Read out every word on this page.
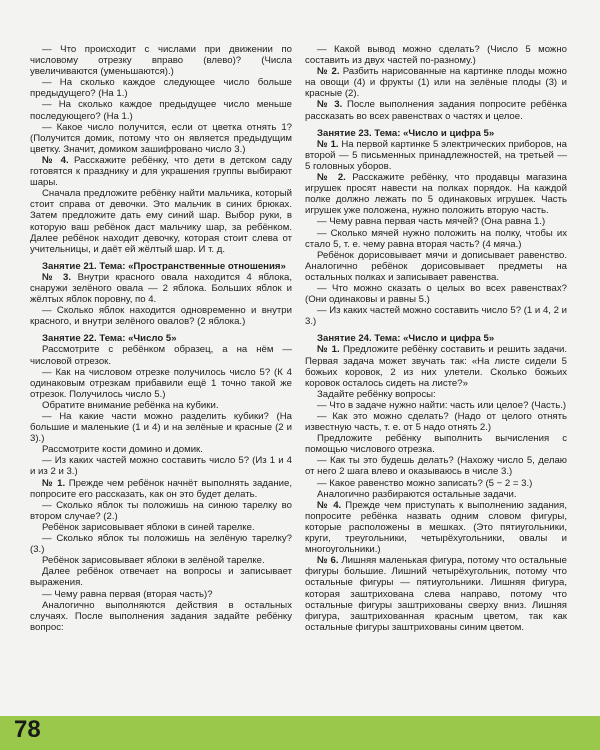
— Что происходит с числами при движении по числовому отрезку вправо (влево)? (Числа увеличиваются (уменьшаются).)

— На сколько каждое следующее число больше предыдущего? (На 1.)

— На сколько каждое предыдущее число меньше последующего? (На 1.)

— Какое число получится, если от цветка отнять 1? (Получится домик, потому что он является предыдущим цветку. Значит, домиком зашифровано число 3.)

№ 4. Расскажите ребёнку, что дети в детском саду готовятся к празднику и для украшения группы выбирают шары.

Сначала предложите ребёнку найти мальчика, который стоит справа от девочки. Это мальчик в синих брюках. Затем предложите дать ему синий шар. Выбор руки, в которую ваш ребёнок даст мальчику шар, за ребёнком. Далее ребёнок находит девочку, которая стоит слева от учительницы, и даёт ей жёлтый шар. И т. д.

Занятие 21. Тема: «Пространственные отношения»

№ 3. Внутри красного овала находится 4 яблока, снаружи зелёного овала — 2 яблока. Больших яблок и жёлтых яблок поровну, по 4.

— Сколько яблок находится одновременно и внутри красного, и внутри зелёного овалов? (2 яблока.)

Занятие 22. Тема: «Число 5»

Рассмотрите с ребёнком образец, а на нём — числовой отрезок.

— Как на числовом отрезке получилось число 5? (К 4 одинаковым отрезкам прибавили ещё 1 точно такой же отрезок. Получилось число 5.)

Обратите внимание ребёнка на кубики.

— На какие части можно разделить кубики? (На большие и маленькие (1 и 4) и на зелёные и красные (2 и 3).)

Рассмотрите кости домино и домик.

— Из каких частей можно составить число 5? (Из 1 и 4 и из 2 и 3.)

№ 1. Прежде чем ребёнок начнёт выполнять задание, попросите его рассказать, как он это будет делать.

— Сколько яблок ты положишь на синюю тарелку во втором случае? (2.)

Ребёнок зарисовывает яблоки в синей тарелке.

— Сколько яблок ты положишь на зелёную тарелку? (3.)

Ребёнок зарисовывает яблоки в зелёной тарелке.

Далее ребёнок отвечает на вопросы и записывает выражения.

— Чему равна первая (вторая часть)?

Аналогично выполняются действия в остальных случаях. После выполнения задания задайте ребёнку вопрос:

— Какой вывод можно сделать? (Число 5 можно составить из двух частей по-разному.)

№ 2. Разбить нарисованные на картинке плоды можно на овощи (4) и фрукты (1) или на зелёные плоды (3) и красные (2).

№ 3. После выполнения задания попросите ребёнка рассказать во всех равенствах о частях и целое.

Занятие 23. Тема: «Число и цифра 5»

№ 1. На первой картинке 5 электрических приборов, на второй — 5 письменных принадлежностей, на третьей — 5 головных уборов.

№ 2. Расскажите ребёнку, что продавцы магазина игрушек просят навести на полках порядок. На каждой полке должно лежать по 5 одинаковых игрушек. Часть игрушек уже положена, нужно положить вторую часть.

— Чему равна первая часть мячей? (Она равна 1.)

— Сколько мячей нужно положить на полку, чтобы их стало 5, т. е. чему равна вторая часть? (4 мяча.)

Ребёнок дорисовывает мячи и дописывает равенство. Аналогично ребёнок дорисовывает предметы на остальных полках и записывает равенства.

— Что можно сказать о целых во всех равенствах? (Они одинаковы и равны 5.)

— Из каких частей можно составить число 5? (1 и 4, 2 и 3.)

Занятие 24. Тема: «Число и цифра 5»

№ 1. Предложите ребёнку составить и решить задачи. Первая задача может звучать так: «На листе сидели 5 божьих коровок, 2 из них улетели. Сколько божьих коровок осталось сидеть на листе?»

Задайте ребёнку вопросы:

— Что в задаче нужно найти: часть или целое? (Часть.)

— Как это можно сделать? (Надо от целого отнять известную часть, т. е. от 5 надо отнять 2.)

Предложите ребёнку выполнить вычисления с помощью числового отрезка.

— Как ты это будешь делать? (Нахожу число 5, делаю от него 2 шага влево и оказываюсь в числе 3.)

— Какое равенство можно записать? (5 − 2 = 3.)

Аналогично разбираются остальные задачи.

№ 4. Прежде чем приступать к выполнению задания, попросите ребёнка назвать одним словом фигуры, которые расположены в мешках. (Это пятиугольники, круги, треугольники, четырёхугольники, овалы и многоугольники.)

№ 6. Лишняя маленькая фигура, потому что остальные фигуры большие. Лишний четырёхугольник, потому что остальные фигуры — пятиугольники. Лишняя фигура, которая заштрихована слева направо, потому что остальные фигуры заштрихованы сверху вниз. Лишняя фигура, заштрихованная красным цветом, так как остальные фигуры заштрихованы синим цветом.

78
